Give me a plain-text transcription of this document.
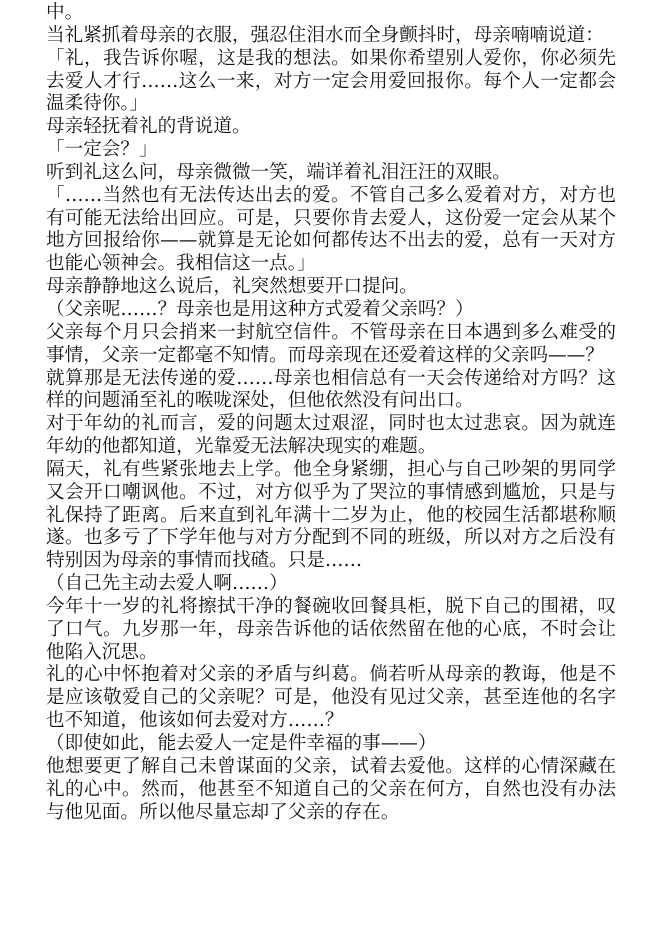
中。

当礼紧抓着母亲的衣服，强忍住泪水而全身颤抖时，母亲喃喃说道：

「礼，我告诉你喔，这是我的想法。如果你希望别人爱你，你必须先去爱人才行……这么一来，对方一定会用爱回报你。每个人一定都会温柔待你。」

母亲轻抚着礼的背说道。

「一定会？」

听到礼这么问，母亲微微一笑，端详着礼泪汪汪的双眼。

「……当然也有无法传达出去的爱。不管自己多么爱着对方，对方也有可能无法给出回应。可是，只要你肯去爱人，这份爱一定会从某个地方回报给你——就算是无论如何都传达不出去的爱，总有一天对方也能心领神会。我相信这一点。」

母亲静静地这么说后，礼突然想要开口提问。

（父亲呢……？母亲也是用这种方式爱着父亲吗？）

父亲每个月只会捎来一封航空信件。不管母亲在日本遇到多么难受的事情，父亲一定都毫不知情。而母亲现在还爱着这样的父亲吗——？

就算那是无法传递的爱……母亲也相信总有一天会传递给对方吗？这样的问题涌至礼的喉咙深处，但他依然没有问出口。

对于年幼的礼而言，爱的问题太过艰涩，同时也太过悲哀。因为就连年幼的他都知道，光靠爱无法解决现实的难题。

隔天，礼有些紧张地去上学。他全身紧绷，担心与自己吵架的男同学又会开口嘲讽他。不过，对方似乎为了哭泣的事情感到尴尬，只是与礼保持了距离。后来直到礼年满十二岁为止，他的校园生活都堪称顺遂。也多亏了下学年他与对方分配到不同的班级，所以对方之后没有特别因为母亲的事情而找碴。只是……

（自己先主动去爱人啊……）

今年十一岁的礼将擦拭干净的餐碗收回餐具柜，脱下自己的围裙，叹了口气。九岁那一年，母亲告诉他的话依然留在他的心底，不时会让他陷入沉思。

礼的心中怀抱着对父亲的矛盾与纠葛。倘若听从母亲的教诲，他是不是应该敬爱自己的父亲呢？可是，他没有见过父亲，甚至连他的名字也不知道，他该如何去爱对方……？

（即使如此，能去爱人一定是件幸福的事——）

他想要更了解自己未曾谋面的父亲，试着去爱他。这样的心情深藏在礼的心中。然而，他甚至不知道自己的父亲在何方，自然也没有办法与他见面。所以他尽量忘却了父亲的存在。
